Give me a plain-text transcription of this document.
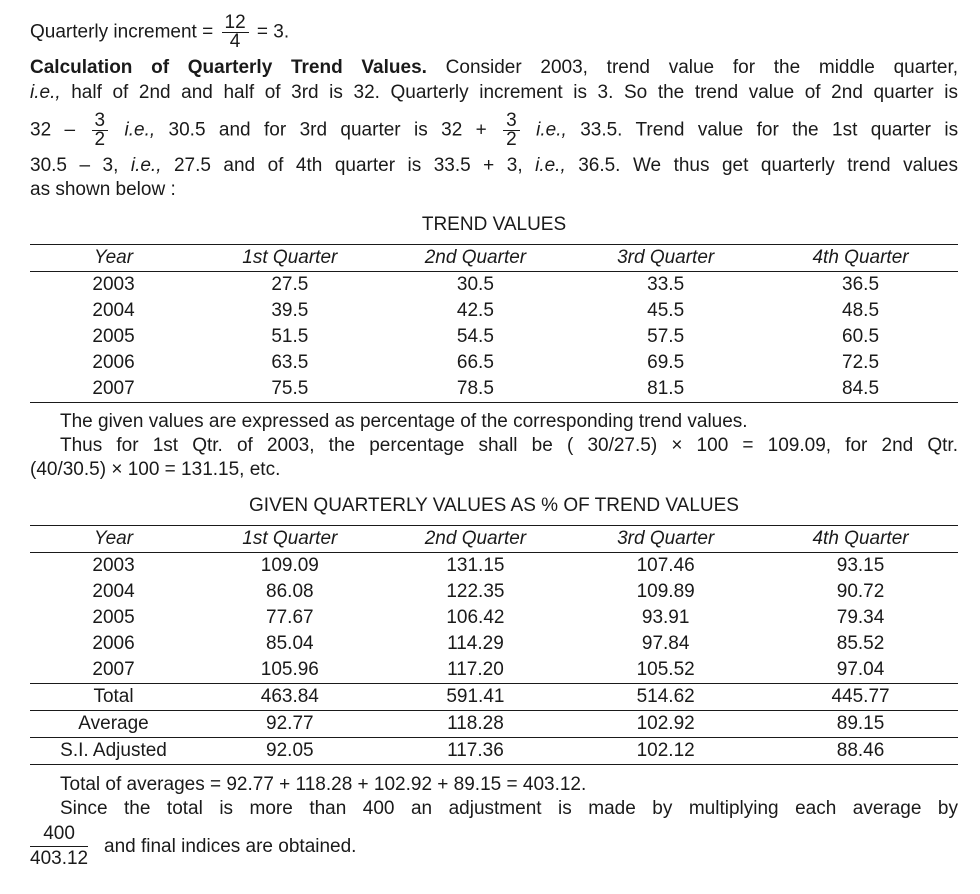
Quarterly increment = $\frac{12}{4} = 3$.
Calculation of Quarterly Trend Values. Consider 2003, trend value for the middle quarter,
i.e., half of 2nd and half of 3rd is 32. Quarterly increment is 3. So the trend value of 2nd quarter is
$32 - \frac{3}{2} i.e$., 30.5 and for 3rd quarter is $32 + \frac{3}{2} i.e$., 33.5. Trend value for the 1st quarter is
30.5 – 3, i.e., 27.5 and of 4th quarter is 33.5 + 3, i.e., 36.5. We thus get quarterly trend values
as shown below :
TREND VALUES
Year	1st Quarter	2nd Quarter	3rd Quarter	4th Quarter
2003	27.5	30.5	33.5	36.5
2004	39.5	42.5	45.5	48.5
2005	51.5	54.5	57.5	60.5
2006	63.5	66.5	69.5	72.5
2007	75.5	78.5	81.5	84.5
The given values are expressed as percentage of the corresponding trend values.
Thus for 1st Qtr. of 2003, the percentage shall be ( 30/27.5) × 100 = 109.09, for 2nd Qtr.
(40/30.5) × 100 = 131.15, etc.
GIVEN QUARTERLY VALUES AS % OF TREND VALUES
Year	1st Quarter	2nd Quarter	3rd Quarter	4th Quarter
2003	109.09	131.15	107.46	93.15
2004	86.08	122.35	109.89	90.72
2005	77.67	106.42	93.91	79.34
2006	85.04	114.29	97.84	85.52
2007	105.96	117.20	105.52	97.04
Total	463.84	591.41	514.62	445.77
Average	92.77	118.28	102.92	89.15
S.I. Adjusted	92.05	117.36	102.12	88.46
Total of averages = 92.77 + 118.28 + 102.92 + 89.15 = 403.12.
Since the total is more than 400 an adjustment is made by multiplying each average by
$\frac{400}{403.12}$ and final indices are obtained.
